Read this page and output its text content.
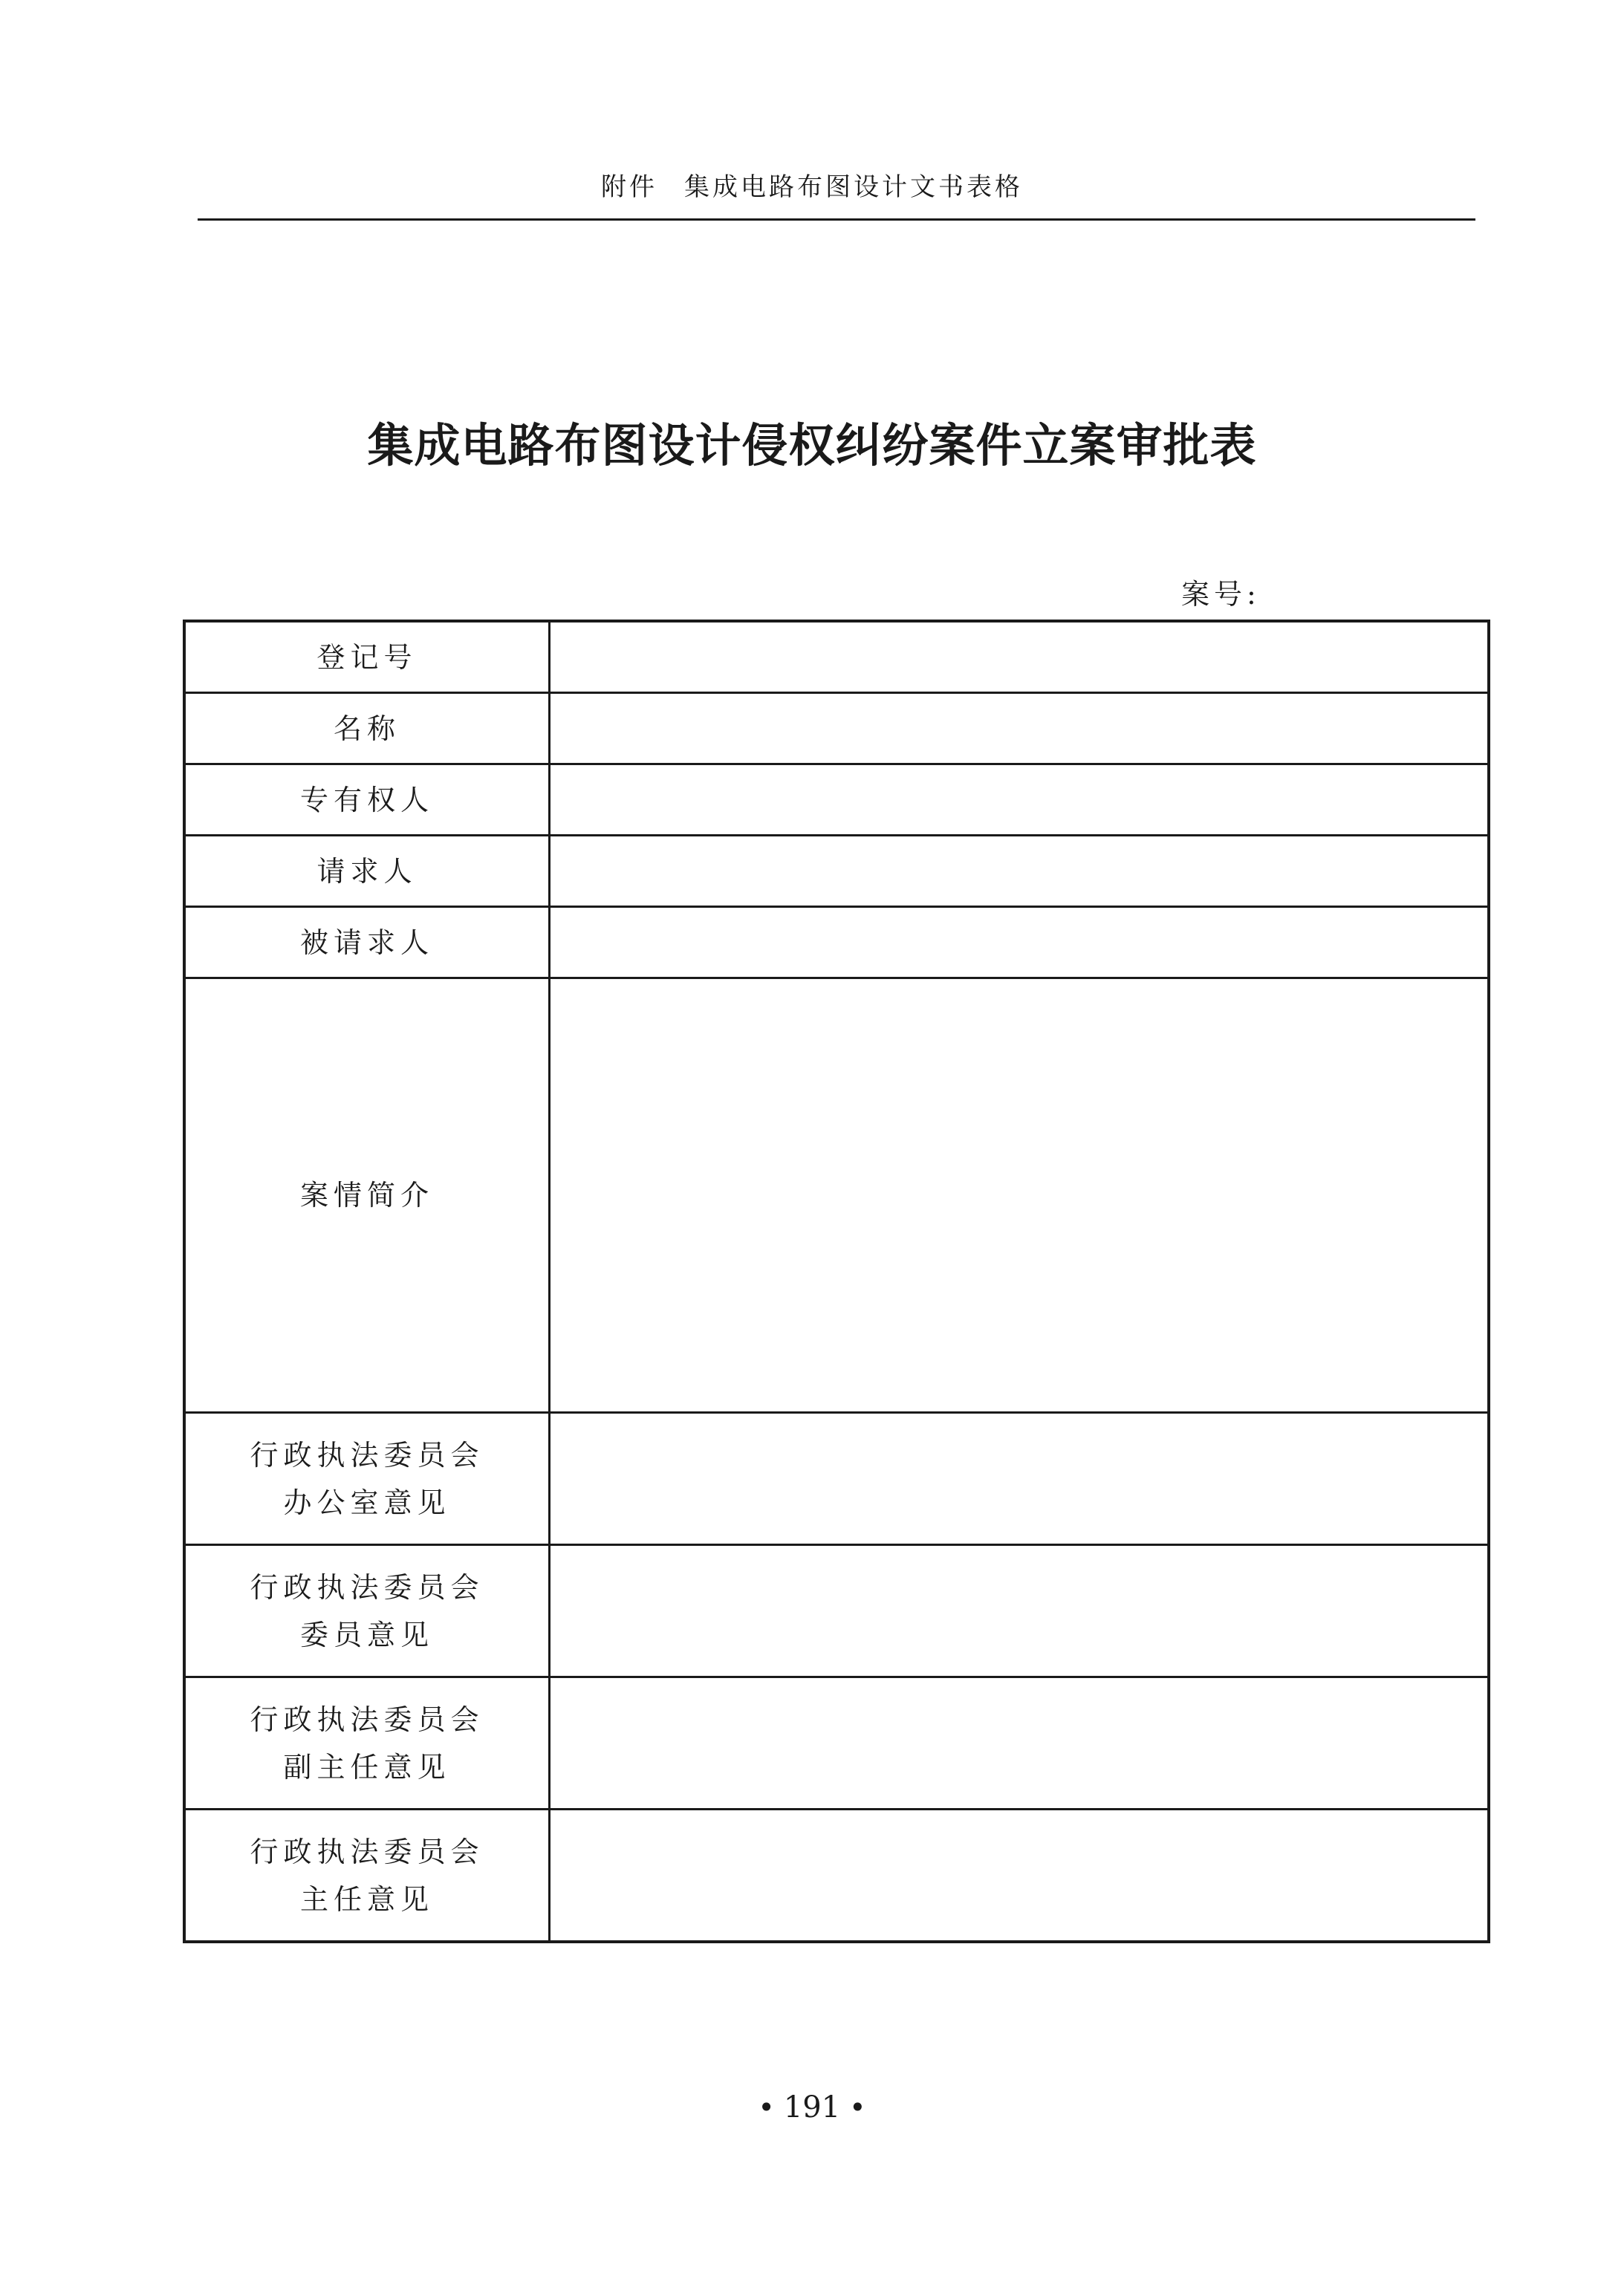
附件 集成电路布图设计文书表格
集成电路布图设计侵权纠纷案件立案审批表
案号:
登记号	

名称	

专有权人	

请求人	

被请求人	

案情简介	

行政执法委员会
办公室意见	

行政执法委员会
委员意见	

行政执法委员会
副主任意见	

行政执法委员会
主任意见	

• 191 •
